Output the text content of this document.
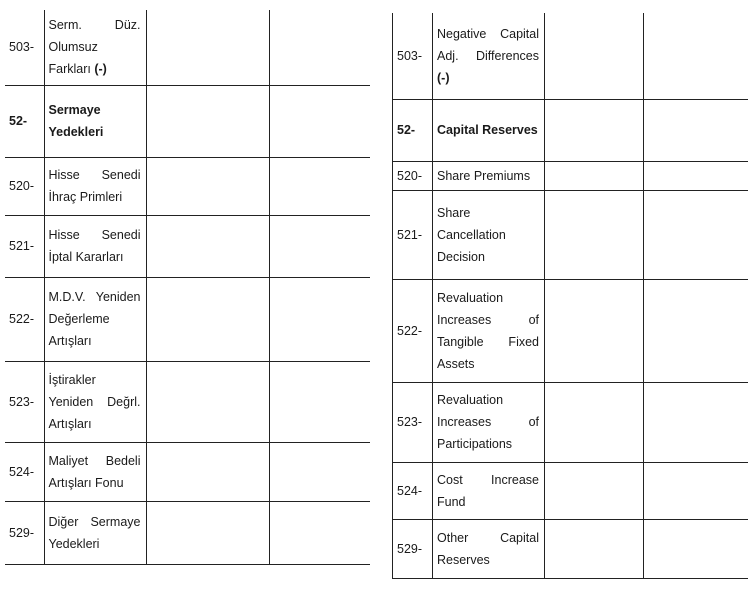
503-	Serm. Düz. Olumsuz Farkları (-)		
52-	Sermaye Yedekleri		
520-	Hisse Senedi İhraç Primleri		
521-	Hisse Senedi İptal Kararları		
522-	M.D.V. Yeniden Değerleme Artışları		
523-	İştirakler Yeniden Değrl. Artışları		
524-	Maliyet Bedeli Artışları Fonu		
529-	Diğer Sermaye Yedekleri		
503-	Negative Capital Adj. Differences (-)		
52-	Capital Reserves		
520-	Share Premiums		
521-	Share Cancellation Decision		
522-	Revaluation Increases of Tangible Fixed Assets		
523-	Revaluation Increases of Participations		
524-	Cost Increase Fund		
529-	Other Capital Reserves		
